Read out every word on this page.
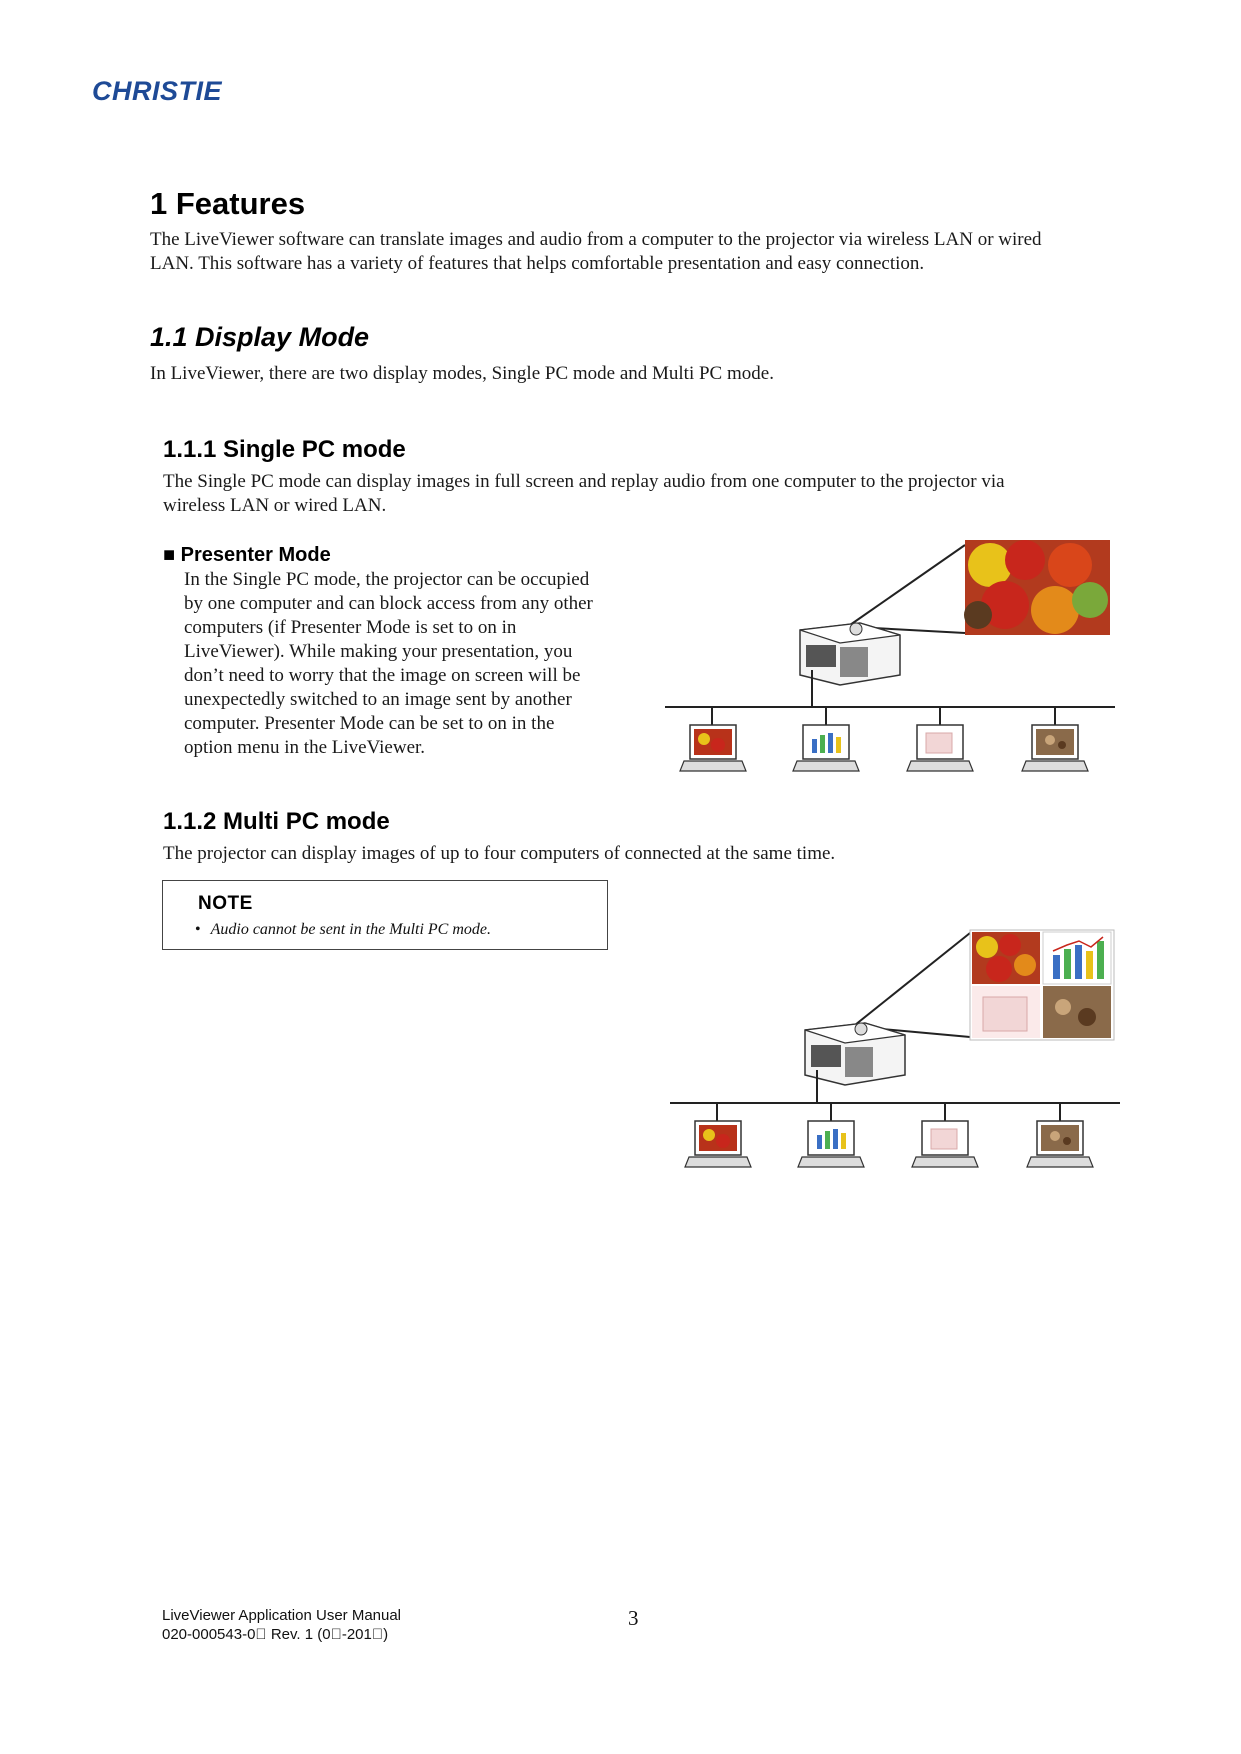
CHRISTIE
1 Features

The LiveViewer software can translate images and audio from a computer to the projector via wireless LAN or wired

LAN. This software has a variety of features that helps comfortable presentation and easy connection.

1.1 Display Mode

In LiveViewer, there are two display modes, Single PC mode and Multi PC mode.

1.1.1 Single PC mode

The Single PC mode can display images in full screen and replay audio from one computer to the projector via

wireless LAN or wired LAN.

■ Presenter Mode

In the Single PC mode, the projector can be occupied

by one computer and can block access from any other

computers (if Presenter Mode is set to on in

LiveViewer). While making your presentation, you

don’t need to worry that the image on screen will be

unexpectedly switched to an image sent by another

computer. Presenter Mode can be set to on in the

option menu in the LiveViewer.

1.1.2 Multi PC mode

The projector can display images of up to four computers of connected at the same time.

NOTE

• Audio cannot be sent in the Multi PC mode.

LiveViewer Application User Manual
020-000543-0  Rev. 1 (0 -201 )
3
